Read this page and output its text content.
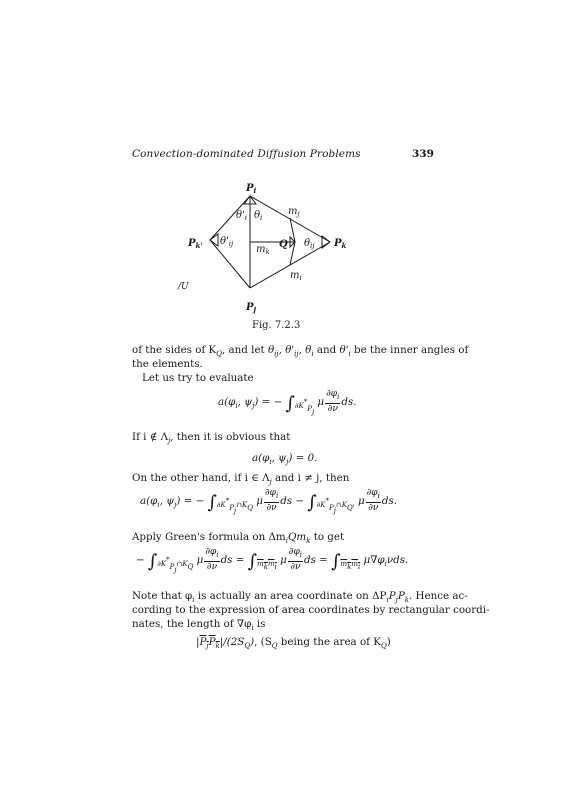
Convection-dominated Diffusion Problems	339
$P_i$
$P_j$
$P_k$
$P_{k'}$
$\theta'_i$ $\theta_i$
$\theta'_{ij}$	$\theta_{ij}$
$m_j$
$m_k$
$m_i$
Q
/U
Fig. 7.2.3
of the sides of $K_Q$, and let $\theta_{ij}$, $\theta'_{ij}$, $\theta_i$ and $\theta'_i$ be the inner angles of
the elements.
Let us try to evaluate
$a(\varphi_i$, $\psi_j$) = − $\int_{\partial K*Pj}$ μ $\frac{\partial\varphi_i}{\partial\nu}$ ds.
If i ∉ $\Lambda_j$, then it is obvious that
$a(\varphi_i$, $\psi_j) = 0$.
On the other hand, if i ∈ $\Lambda_j$ and i ≠ j, then
$a(\varphi_i$, $\psi_j$) = − $\int_{\partial K*Pj\cap KQ}$ μ $\frac{\partial\varphi_i}{\partial\nu}$ ds − $\int_{\partial K*Pj\cap KQ'}$ μ $\frac{\partial\varphi_i}{\partial\nu}$ ds.
Apply Green's formula on $\Delta m_iQm_k$ to get
− $\int_{\partial K*Pj\cap KQ}$ μ $\frac{\partial\varphi_i}{\partial\nu}$ ds = $\int_{mkmi}$ μ $\frac{\partial\varphi_i}{\partial\nu}$ ds = $\int_{mkmi}$ $\mu\nabla\varphi_i\nu ds$.
Note that $\varphi_i$ is actually an area coordinate on $\Delta P_iP_jP_k$. Hence ac-
cording to the expression of area coordinates by rectangular coordi-
nates, the length of $\nabla\varphi_i$ is
$|P_jP_k|/(2S_Q)$, ($S_Q$ being the area of $K_Q$)
